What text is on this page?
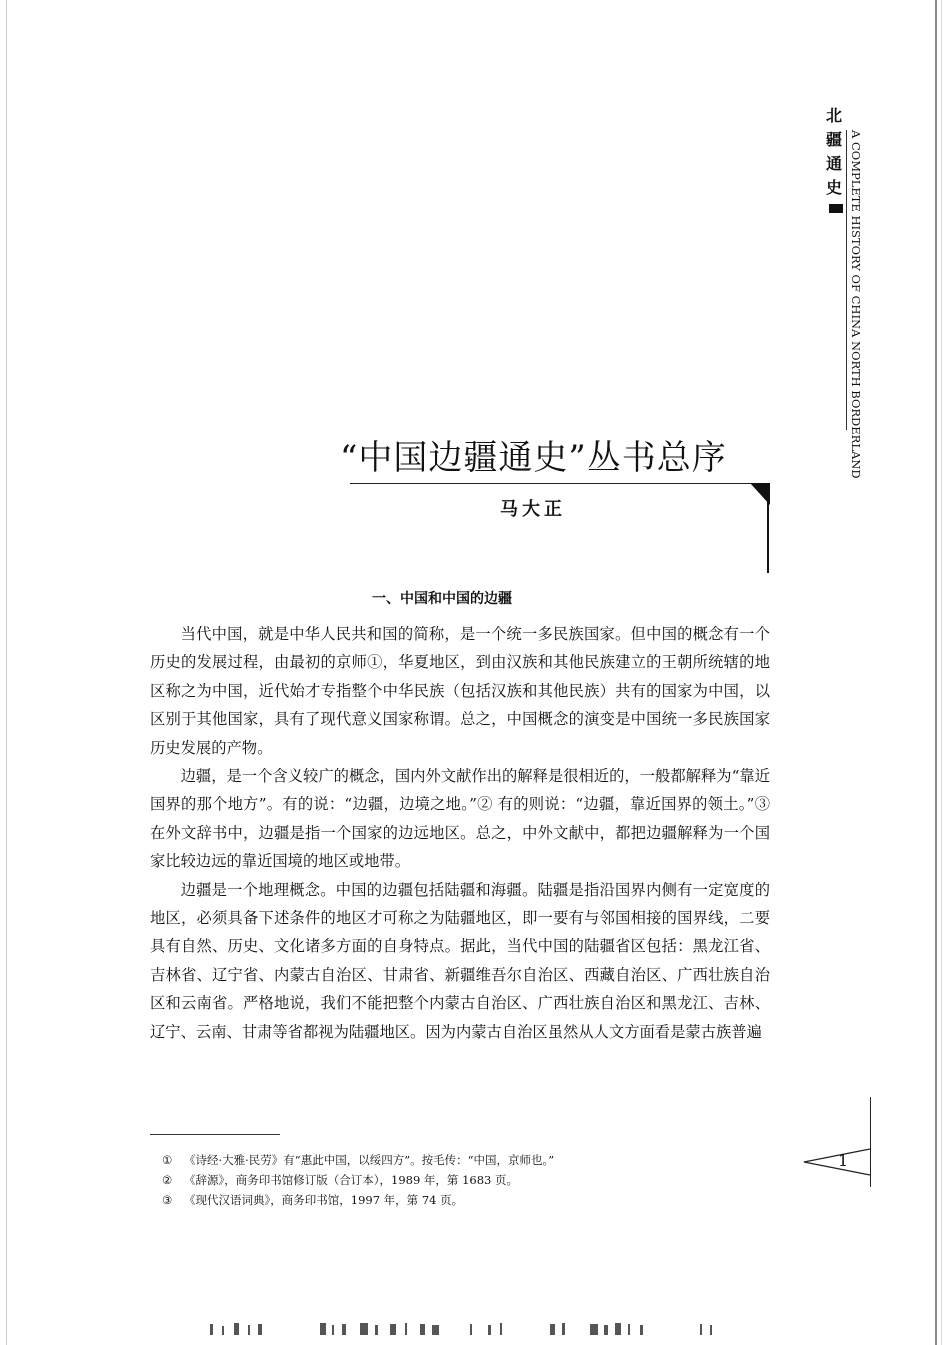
北
疆
通
史 A COMPLETE HISTORY OF CHINA NORTH BORDERLAND
“中国边疆通史”丛书总序
马大正
一、中国和中国的边疆

当代中国，就是中华人民共和国的简称，是一个统一多民族国家。但中国的概念有一个历史的发展过程，由最初的京师①，华夏地区，到由汉族和其他民族建立的王朝所统辖的地区称之为中国，近代始才专指整个中华民族（包括汉族和其他民族）共有的国家为中国，以区别于其他国家，具有了现代意义国家称谓。总之，中国概念的演变是中国统一多民族国家历史发展的产物。

边疆，是一个含义较广的概念，国内外文献作出的解释是很相近的，一般都解释为“靠近国界的那个地方”。有的说：“边疆，边境之地。”② 有的则说：“边疆，靠近国界的领土。”③ 在外文辞书中，边疆是指一个国家的边远地区。总之，中外文献中，都把边疆解释为一个国家比较边远的靠近国境的地区或地带。

边疆是一个地理概念。中国的边疆包括陆疆和海疆。陆疆是指沿国界内侧有一定宽度的地区，必须具备下述条件的地区才可称之为陆疆地区，即一要有与邻国相接的国界线，二要具有自然、历史、文化诸多方面的自身特点。据此，当代中国的陆疆省区包括：黑龙江省、吉林省、辽宁省、内蒙古自治区、甘肃省、新疆维吾尔自治区、西藏自治区、广西壮族自治区和云南省。严格地说，我们不能把整个内蒙古自治区、广西壮族自治区和黑龙江、吉林、辽宁、云南、甘肃等省都视为陆疆地区。因为内蒙古自治区虽然从人文方面看是蒙古族普遍

① 《诗经·大雅·民劳》有“惠此中国，以绥四方”。按毛传：“中国，京师也。”
② 《辞源》，商务印书馆修订版（合订本），1989 年，第 1683 页。
③ 《现代汉语词典》，商务印书馆，1997 年，第 74 页。
1
